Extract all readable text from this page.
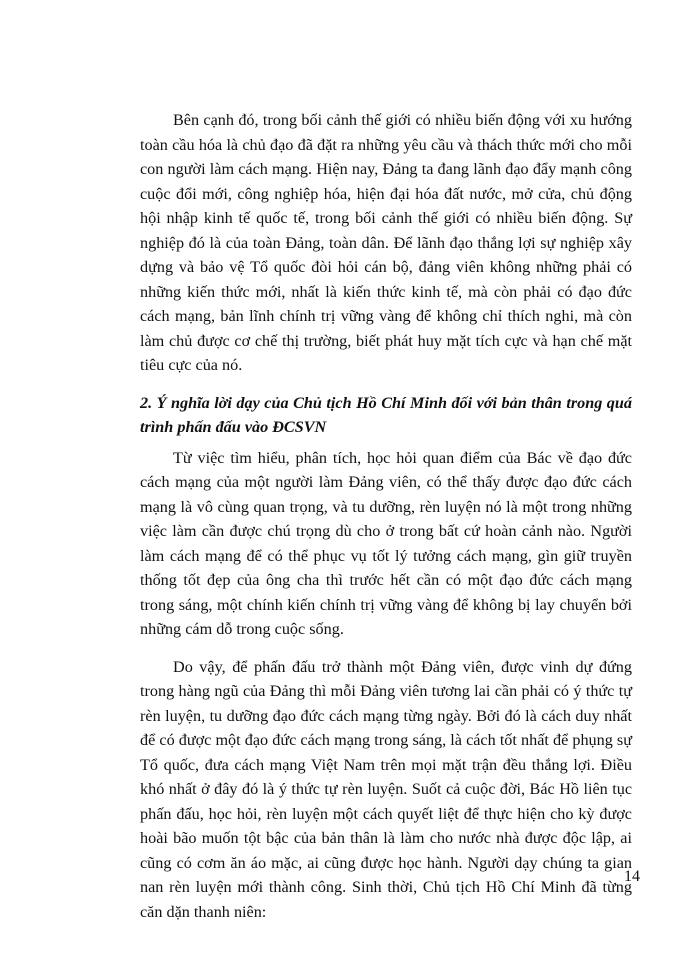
Bên cạnh đó, trong bối cảnh thế giới có nhiều biến động với xu hướng toàn cầu hóa là chủ đạo đã đặt ra những yêu cầu và thách thức mới cho mỗi con người làm cách mạng. Hiện nay, Đảng ta đang lãnh đạo đẩy mạnh công cuộc đổi mới, công nghiệp hóa, hiện đại hóa đất nước, mở cửa, chủ động hội nhập kinh tế quốc tế, trong bối cảnh thế giới có nhiều biến động. Sự nghiệp đó là của toàn Đảng, toàn dân. Để lãnh đạo thắng lợi sự nghiệp xây dựng và bảo vệ Tổ quốc đòi hỏi cán bộ, đảng viên không những phải có những kiến thức mới, nhất là kiến thức kinh tế, mà còn phải có đạo đức cách mạng, bản lĩnh chính trị vững vàng để không chỉ thích nghi, mà còn làm chủ được cơ chế thị trường, biết phát huy mặt tích cực và hạn chế mặt tiêu cực của nó.

2. Ý nghĩa lời dạy của Chủ tịch Hồ Chí Minh đối với bản thân trong quá trình phấn đấu vào ĐCSVN

Từ việc tìm hiểu, phân tích, học hỏi quan điểm của Bác về đạo đức cách mạng của một người làm Đảng viên, có thể thấy được đạo đức cách mạng là vô cùng quan trọng, và tu dưỡng, rèn luyện nó là một trong những việc làm cần được chú trọng dù cho ở trong bất cứ hoàn cảnh nào. Người làm cách mạng để có thể phục vụ tốt lý tưởng cách mạng, gìn giữ truyền thống tốt đẹp của ông cha thì trước hết cần có một đạo đức cách mạng trong sáng, một chính kiến chính trị vững vàng để không bị lay chuyển bởi những cám dỗ trong cuộc sống.

Do vậy, để phấn đấu trở thành một Đảng viên, được vinh dự đứng trong hàng ngũ của Đảng thì mỗi Đảng viên tương lai cần phải có ý thức tự rèn luyện, tu dưỡng đạo đức cách mạng từng ngày. Bởi đó là cách duy nhất để có được một đạo đức cách mạng trong sáng, là cách tốt nhất để phụng sự Tổ quốc, đưa cách mạng Việt Nam trên mọi mặt trận đều thắng lợi. Điều khó nhất ở đây đó là ý thức tự rèn luyện. Suốt cả cuộc đời, Bác Hồ liên tục phấn đấu, học hỏi, rèn luyện một cách quyết liệt để thực hiện cho kỳ được hoài bão muốn tột bậc của bản thân là làm cho nước nhà được độc lập, ai cũng có cơm ăn áo mặc, ai cũng được học hành. Người dạy chúng ta gian nan rèn luyện mới thành công. Sinh thời, Chủ tịch Hồ Chí Minh đã từng căn dặn thanh niên:

14
